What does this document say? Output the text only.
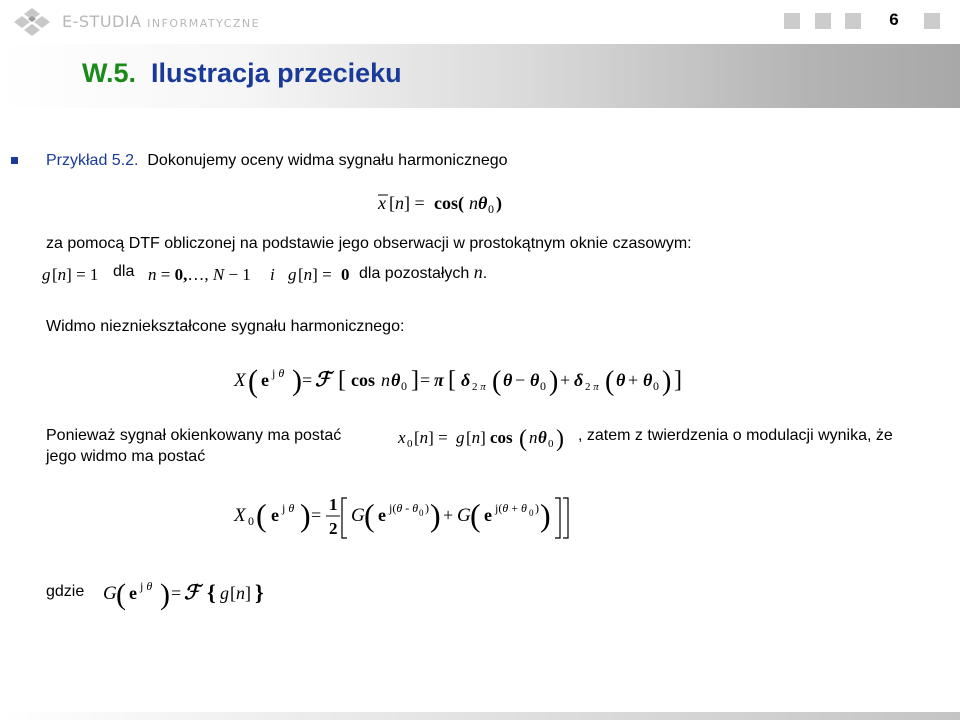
E-STUDIA INFORMATYCZNE	6
W.5. Ilustracja przecieku
Przykład 5.2. Dokonujemy oceny widma sygnału harmonicznego
x [n] = cos( n θ 0 )
za pomocą DTF obliczonej na podstawie jego obserwacji w prostokątnym oknie czasowym:
g [n] = 1 dla n = 0,…, N − 1 i g [n] = 0 dla pozostałych n.
Widmo niezniekształcone sygnału harmonicznego:
X ( e j θ ) = ℱ [ cos n θ 0 ] = π [ δ 2 π ( θ − θ 0 ) + δ 2 π ( θ + θ 0 ) ]
Ponieważ sygnał okienkowany ma postać	x 0 [n] = g [n] cos ( n θ 0 ) , zatem z twierdzenia o modulacji wynika, że
jego widmo ma postać
X 0 ( e j θ ) =
1
2
G ( e j(θ - θ 0 ) ) + G ( e j(θ + θ 0 ) )
gdzie G ( e j θ ) = ℱ { g [n] }
